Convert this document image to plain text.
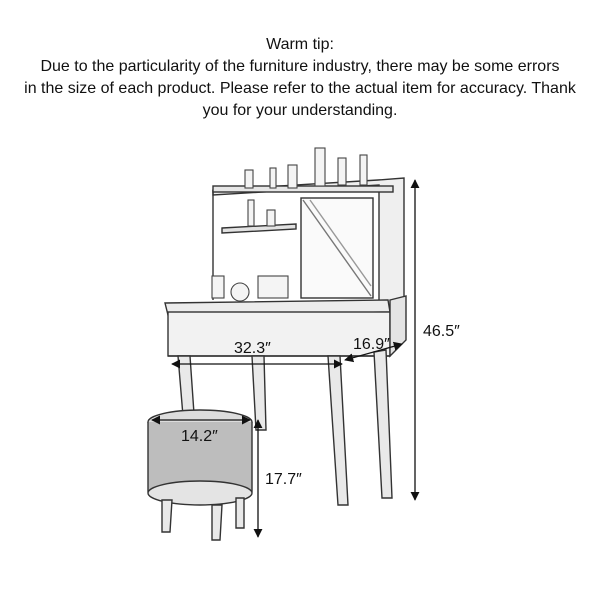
Warm tip:
Due to the particularity of the furniture industry, there may be some errors
in the size of each product. Please refer to the actual item for accuracy. Thank
you for your understanding.
32.3″	16.9″
46.5″
14.2″
17.7″
